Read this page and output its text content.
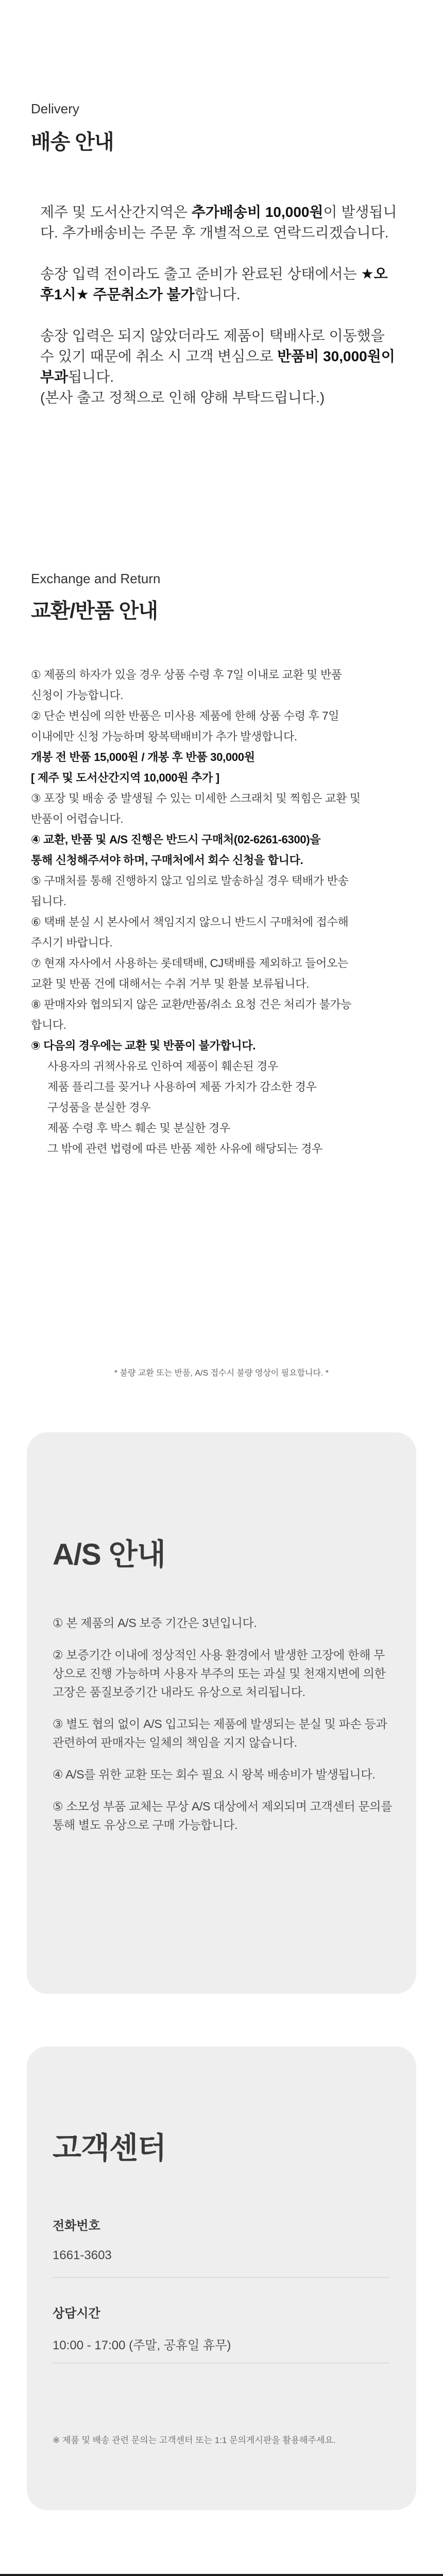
Delivery
배송 안내

제주 및 도서산간지역은 추가배송비 10,000원이 발생됩니다. 추가배송비는 주문 후 개별적으로 연락드리겠습니다.

송장 입력 전이라도 출고 준비가 완료된 상태에서는 ★오후1시★ 주문취소가 불가합니다.

송장 입력은 되지 않았더라도 제품이 택배사로 이동했을 수 있기 때문에 취소 시 고객 변심으로 반품비 30,000원이 부과됩니다.
(본사 출고 정책으로 인해 양해 부탁드립니다.)

Exchange and Return
교환/반품 안내
① 제품의 하자가 있을 경우 상품 수령 후 7일 이내로 교환 및 반품
신청이 가능합니다.
② 단순 변심에 의한 반품은 미사용 제품에 한해 상품 수령 후 7일
이내에만 신청 가능하며 왕복택배비가 추가 발생합니다.
개봉 전 반품 15,000원 / 개봉 후 반품 30,000원
[ 제주 및 도서산간지역 10,000원 추가 ]
③ 포장 및 배송 중 발생될 수 있는 미세한 스크래치 및 찍힘은 교환 및
반품이 어렵습니다.
④ 교환, 반품 및 A/S 진행은 반드시 구매처(02-6261-6300)을
통해 신청해주셔야 하며, 구매처에서 회수 신청을 합니다.
⑤ 구매처를 통해 진행하지 않고 임의로 발송하실 경우 택배가 반송
됩니다.
⑥ 택배 분실 시 본사에서 책임지지 않으니 반드시 구매처에 접수해
주시기 바랍니다.
⑦ 현재 자사에서 사용하는 롯데택배, CJ택배를 제외하고 들어오는
교환 및 반품 건에 대해서는 수취 거부 및 환불 보류됩니다.
⑧ 판매자와 협의되지 않은 교환/반품/취소 요청 건은 처리가 불가능
합니다.
⑨ 다음의 경우에는 교환 및 반품이 불가합니다.
사용자의 귀책사유로 인하여 제품이 훼손된 경우
제품 플리그를 꽂거나 사용하여 제품 가치가 감소한 경우
구성품을 분실한 경우
제품 수령 후 박스 훼손 및 분실한 경우
그 밖에 관련 법령에 따른 반품 제한 사유에 해당되는 경우
* 불량 교환 또는 반품, A/S 접수시 불량 영상이 필요합니다. *
A/S 안내

① 본 제품의 A/S 보증 기간은 3년입니다.

② 보증기간 이내에 정상적인 사용 환경에서 발생한 고장에 한해 무상으로 진행 가능하며 사용자 부주의 또는 과실 및 천재지변에 의한 고장은 품질보증기간 내라도 유상으로 처리됩니다.

③ 별도 협의 없이 A/S 입고되는 제품에 발생되는 분실 및 파손 등과 관련하여 판매자는 일체의 책임을 지지 않습니다.

④ A/S를 위한 교환 또는 회수 필요 시 왕복 배송비가 발생됩니다.

⑤ 소모성 부품 교체는 무상 A/S 대상에서 제외되며 고객센터 문의를 통해 별도 유상으로 구매 가능합니다.

고객센터
전화번호
1661-3603
상담시간
10:00 - 17:00 (주말, 공휴일 휴무)
※ 제품 및 배송 관련 문의는 고객센터 또는 1:1 문의게시판을 활용해주세요.
